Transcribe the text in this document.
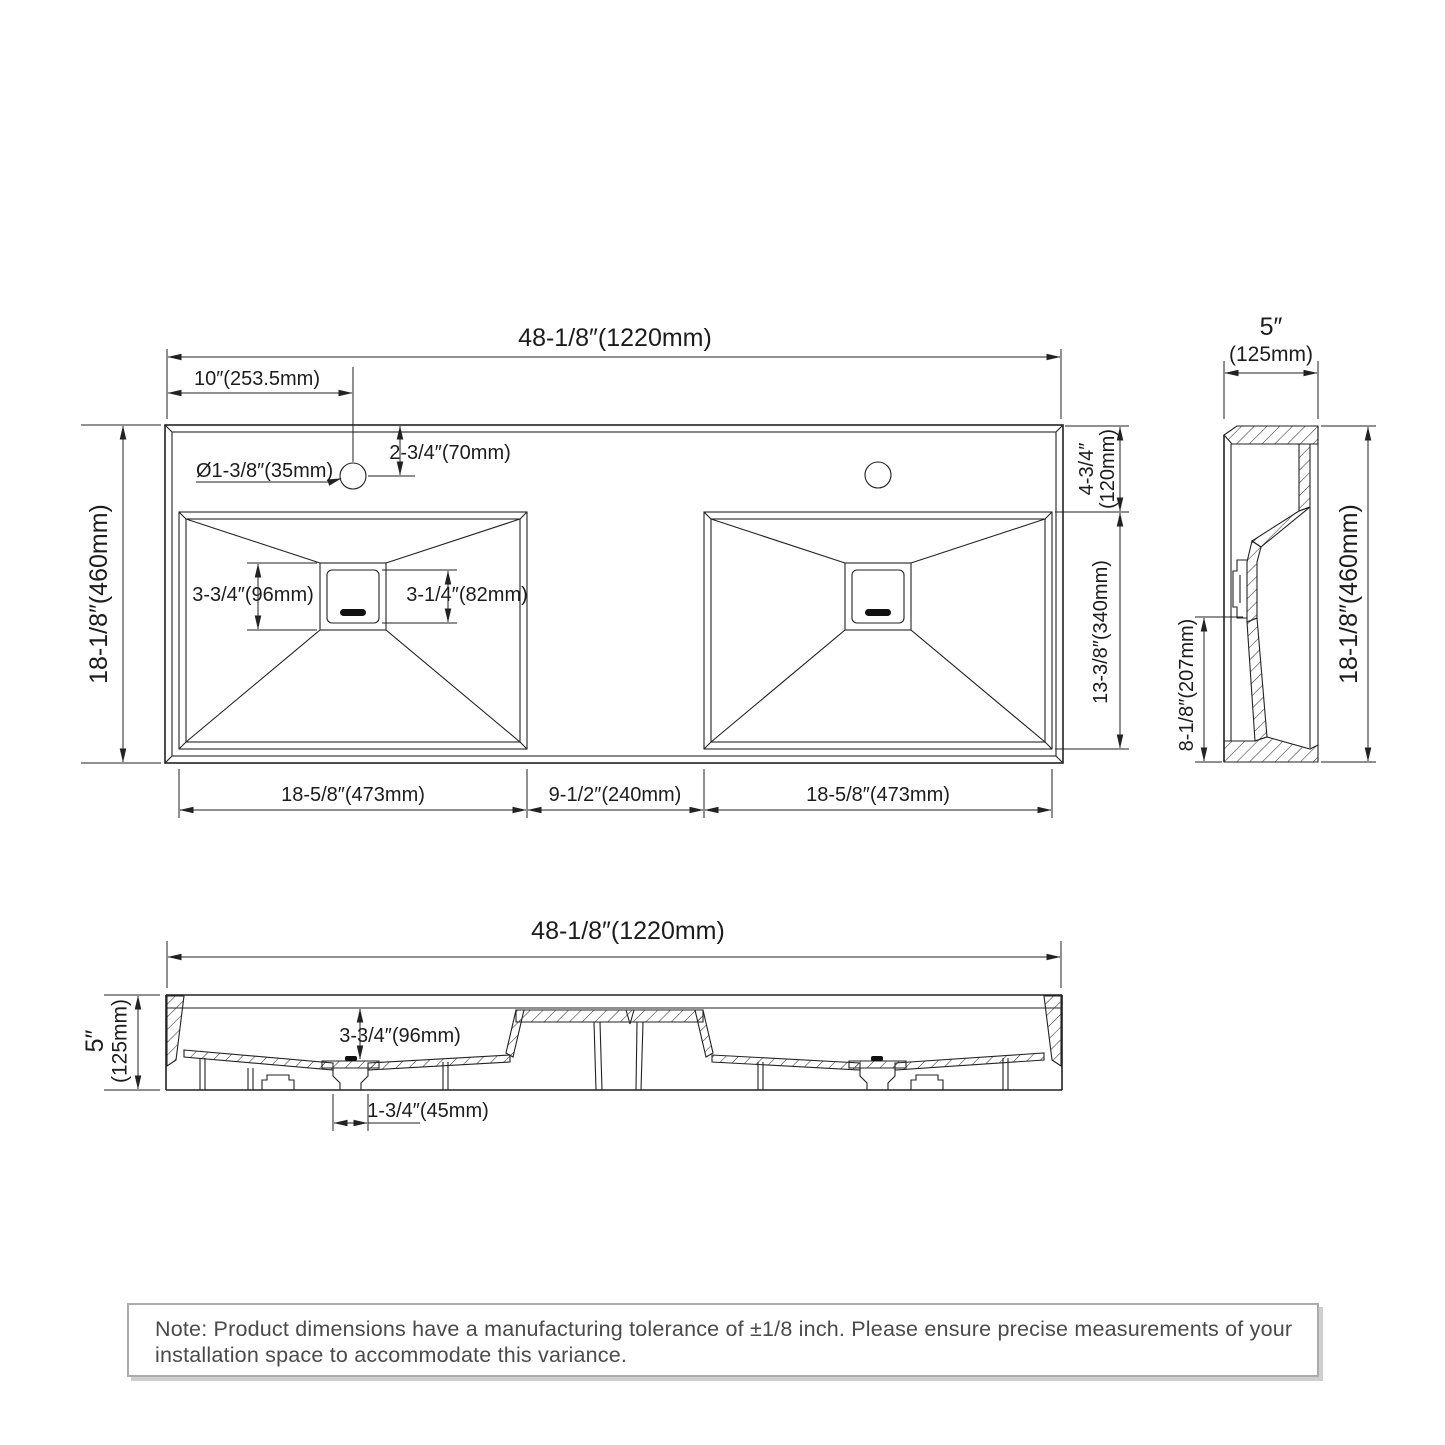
48-1/8″(1220mm)
10″(253.5mm)
2-3/4″(70mm)
Ø1-3/8″(35mm)
3-3/4″(96mm)	3-1/4″(82mm)
18-1/8″(460mm)
4-3/4″ (120mm)
13-3/8″(340mm)
18-5/8″(473mm)	9-1/2″(240mm)	18-5/8″(473mm)
5″
(125mm)
18-1/8″(460mm)
8-1/8″(207mm)
48-1/8″(1220mm)
5″ (125mm)	3-3/4″(96mm)
1-3/4″(45mm)
Note: Product dimensions have a manufacturing tolerance of ±1/8 inch. Please ensure precise measurements of your installation space to accommodate this variance.
